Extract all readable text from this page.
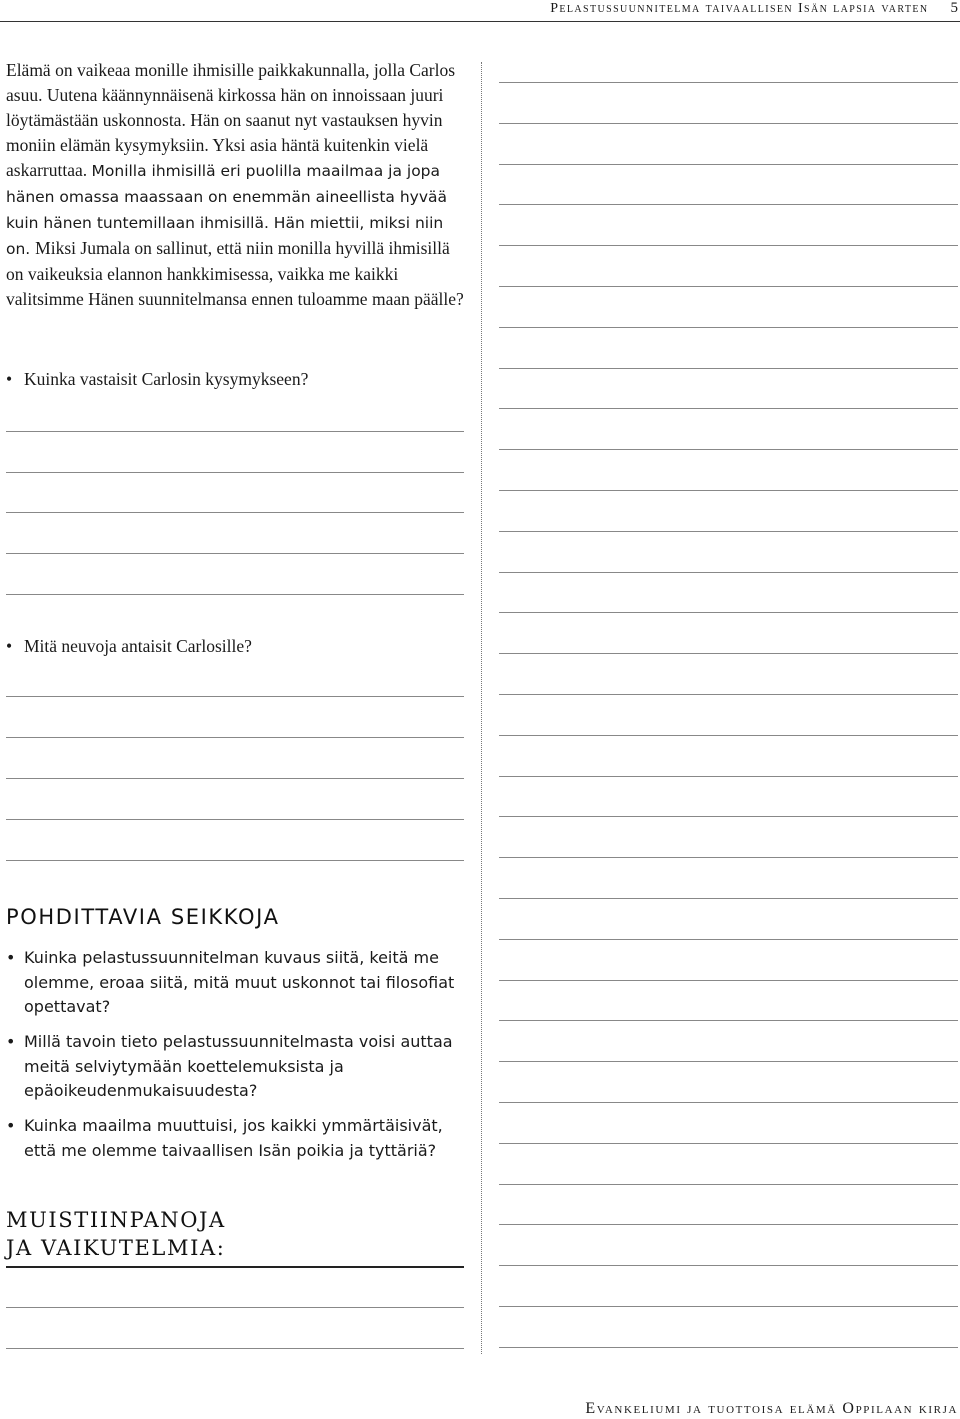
Pelastussuunnitelma taivaallisen Isän lapsia varten 5

Elämä on vaikeaa monille ihmisille paikkakunnalla, jolla Carlos asuu. Uutena käännynnäisenä kirkossa hän on innoissaan juuri löytämästään uskonnosta. Hän on saanut nyt vastauksen hyvin moniin elämän kysymyksiin. Yksi asia häntä kuitenkin vielä askarruttaa. Monilla ihmisillä eri puolilla maailmaa ja jopa hänen omassa maassaan on enemmän aineellista hyvää kuin hänen tuntemillaan ihmisillä. Hän miettii, miksi niin on. Miksi Jumala on sallinut, että niin monilla hyvillä ihmisillä on vaikeuksia elannon hankkimisessa, vaikka me kaikki valitsimme Hänen suunnitelmansa ennen tuloamme maan päälle?

• Kuinka vastaisit Carlosin kysymykseen?
• Mitä neuvoja antaisit Carlosille?
POHDITTAVIA SEIKKOJA
• Kuinka pelastussuunnitelman kuvaus siitä, keitä me olemme, eroaa siitä, mitä muut uskonnot tai filosofiat opettavat?
• Millä tavoin tieto pelastussuunnitelmasta voisi auttaa meitä selviytymään koettelemuksista ja epäoikeudenmukaisuudesta?
• Kuinka maailma muuttuisi, jos kaikki ymmärtäisivät, että me olemme taivaallisen Isän poikia ja tyttäriä?
MUISTIINPANOJA
JA VAIKUTELMIA:
Evankeliumi ja tuottoisa elämä Oppilaan kirja
